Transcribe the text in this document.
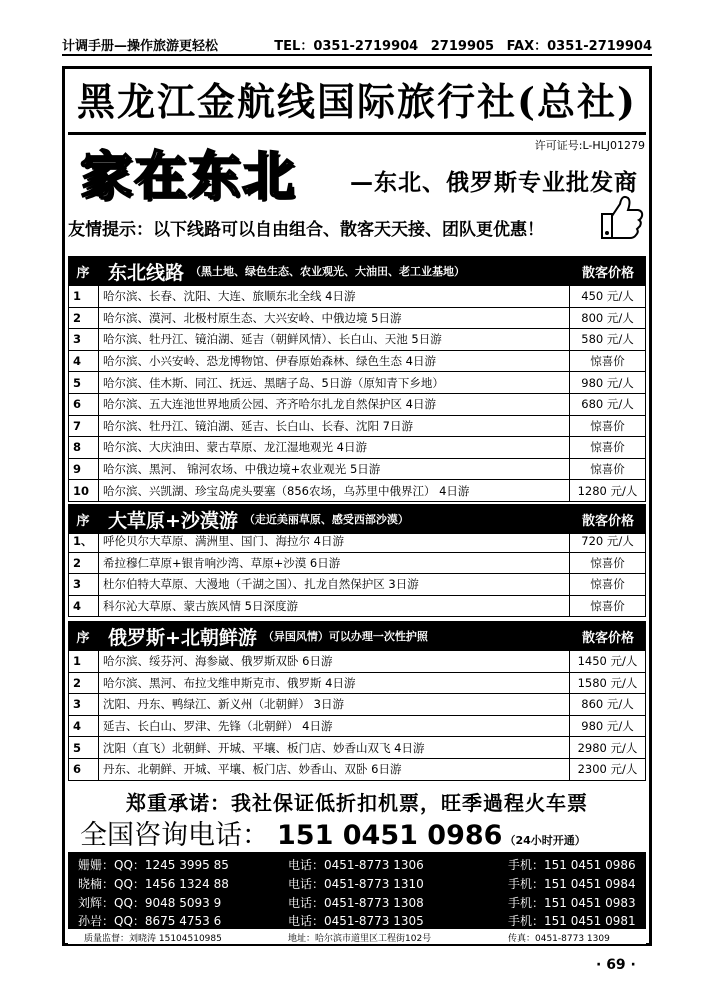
计调手册—操作旅游更轻松	TEL：0351-2719904 2719905 FAX：0351-2719904
黑龙江金航线国际旅行社(总社)
许可证号:L-HLJ01279
家在东北	—东北、俄罗斯专业批发商
友情提示：以下线路可以自由组合、散客天天接、团队更优惠！
序 东北线路 （黑土地、绿色生态、农业观光、大油田、老工业基地）	散客价格
1	哈尔滨、长春、沈阳、大连、旅顺东北全线 4日游	450 元/人
2	哈尔滨、漠河、北极村原生态、大兴安岭、中俄边境 5日游	800 元/人
3	哈尔滨、牡丹江、镜泊湖、延吉（朝鲜风情）、长白山、天池 5日游	580 元/人
4	哈尔滨、小兴安岭、恐龙博物馆、伊春原始森林、绿色生态 4日游	惊喜价
5	哈尔滨、佳木斯、同江、抚远、黑瞎子岛、5日游（原知青下乡地）	980 元/人
6	哈尔滨、五大连池世界地质公园、齐齐哈尔扎龙自然保护区 4日游	680 元/人
7	哈尔滨、牡丹江、镜泊湖、延吉、长白山、长春、沈阳 7日游	惊喜价
8	哈尔滨、大庆油田、蒙古草原、龙江湿地观光 4日游	惊喜价
9	哈尔滨、黑河、 锦河农场、中俄边境+农业观光 5日游	惊喜价
10	哈尔滨、兴凯湖、珍宝岛虎头要塞（856农场，乌苏里中俄界江） 4日游	1280 元/人
序 大草原+沙漠游 （走近美丽草原、感受西部沙漠）	散客价格
1、	呼伦贝尔大草原、满洲里、国门、海拉尔 4日游	720 元/人
2	希拉穆仁草原+银肯响沙湾、草原+沙漠 6日游	惊喜价
3	杜尔伯特大草原、大漫地（千湖之国）、扎龙自然保护区 3日游	惊喜价
4	科尔沁大草原、蒙古族风情 5日深度游	惊喜价
序 俄罗斯+北朝鲜游 （异国风情）可以办理一次性护照	散客价格
1	哈尔滨、绥芬河、海参崴、俄罗斯双卧 6日游	1450 元/人
2	哈尔滨、黑河、布拉戈维申斯克市、俄罗斯 4日游	1580 元/人
3	沈阳、丹东、鸭绿江、新义州（北朝鲜） 3日游	860 元/人
4	延吉、长白山、罗津、先锋（北朝鲜） 4日游	980 元/人
5	沈阳（直飞）北朝鲜、开城、平壤、板门店、妙香山双飞 4日游	2980 元/人
6	丹东、北朝鲜、开城、平壤、板门店、妙香山、双卧 6日游	2300 元/人
郑重承诺：我社保证低折扣机票，旺季過程火车票
全国咨询电话： 151 0451 0986 （24小时开通）
姗姗：QQ：1245 3995 85	电话：0451-8773 1306	手机：151 0451 0986
晓楠：QQ：1456 1324 88	电话：0451-8773 1310	手机：151 0451 0984
刘辉：QQ：9048 5093 9	电话：0451-8773 1308	手机：151 0451 0983
孙岩：QQ：8675 4753 6	电话：0451-8773 1305	手机：151 0451 0981
质量监督：刘晓涛 15104510985	地址：哈尔滨市道里区工程街102号	传真：0451-8773 1309
· 69 ·
